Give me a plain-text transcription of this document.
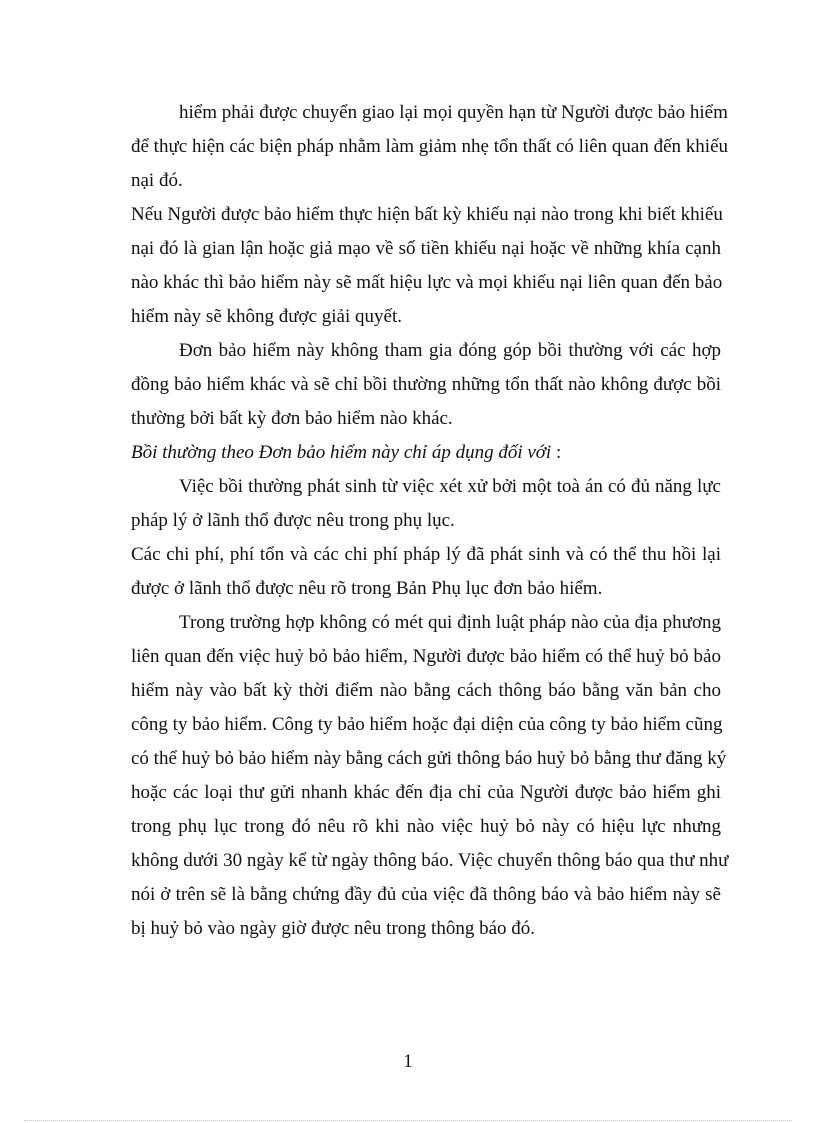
hiểm phải được chuyển giao lại mọi quyền hạn từ Người được bảo hiểm
để thực hiện các biện pháp nhằm làm giảm nhẹ tổn thất có liên quan đến khiếu
nại đó.
Nếu Người được bảo hiểm thực hiện bất kỳ khiếu nại nào trong khi biết khiếu
nại đó là gian lận hoặc giả mạo về số tiền khiếu nại hoặc về những khía cạnh
nào khác thì bảo hiểm này sẽ mất hiệu lực và mọi khiếu nại liên quan đến bảo
hiểm này sẽ không được giải quyết.
Đơn bảo hiểm này không tham gia đóng góp bồi thường với các hợp
đồng bảo hiểm khác và sẽ chỉ bồi thường những tổn thất nào không được bồi
thường bởi bất kỳ đơn bảo hiểm nào khác.
Bồi thường theo Đơn bảo hiểm này chỉ áp dụng đối với :
Việc bồi thường phát sinh từ việc xét xử bởi một toà án có đủ năng lực
pháp lý ở lãnh thổ được nêu trong phụ lục.
Các chi phí, phí tổn và các chi phí pháp lý đã phát sinh và có thể thu hồi lại
được ở lãnh thổ được nêu rõ trong Bản Phụ lục đơn bảo hiểm.
Trong trường hợp không có mét qui định luật pháp nào của địa phương
liên quan đến việc huỷ bỏ bảo hiểm, Người được bảo hiểm có thể huỷ bỏ bảo
hiểm này vào bất kỳ thời điểm nào bằng cách thông báo bằng văn bản cho
công ty bảo hiểm. Công ty bảo hiểm hoặc đại diện của công ty bảo hiểm cũng
có thể huỷ bỏ bảo hiểm này bằng cách gửi thông báo huỷ bỏ bằng thư đăng ký
hoặc các loại thư gửi nhanh khác đến địa chỉ của Người được bảo hiểm ghi
trong phụ lục trong đó nêu rõ khi nào việc huỷ bỏ này có hiệu lực nhưng
không dưới 30 ngày kể từ ngày thông báo. Việc chuyển thông báo qua thư như
nói ở trên sẽ là bằng chứng đầy đủ của việc đã thông báo và bảo hiểm này sẽ
bị huỷ bỏ vào ngày giờ được nêu trong thông báo đó.
1
